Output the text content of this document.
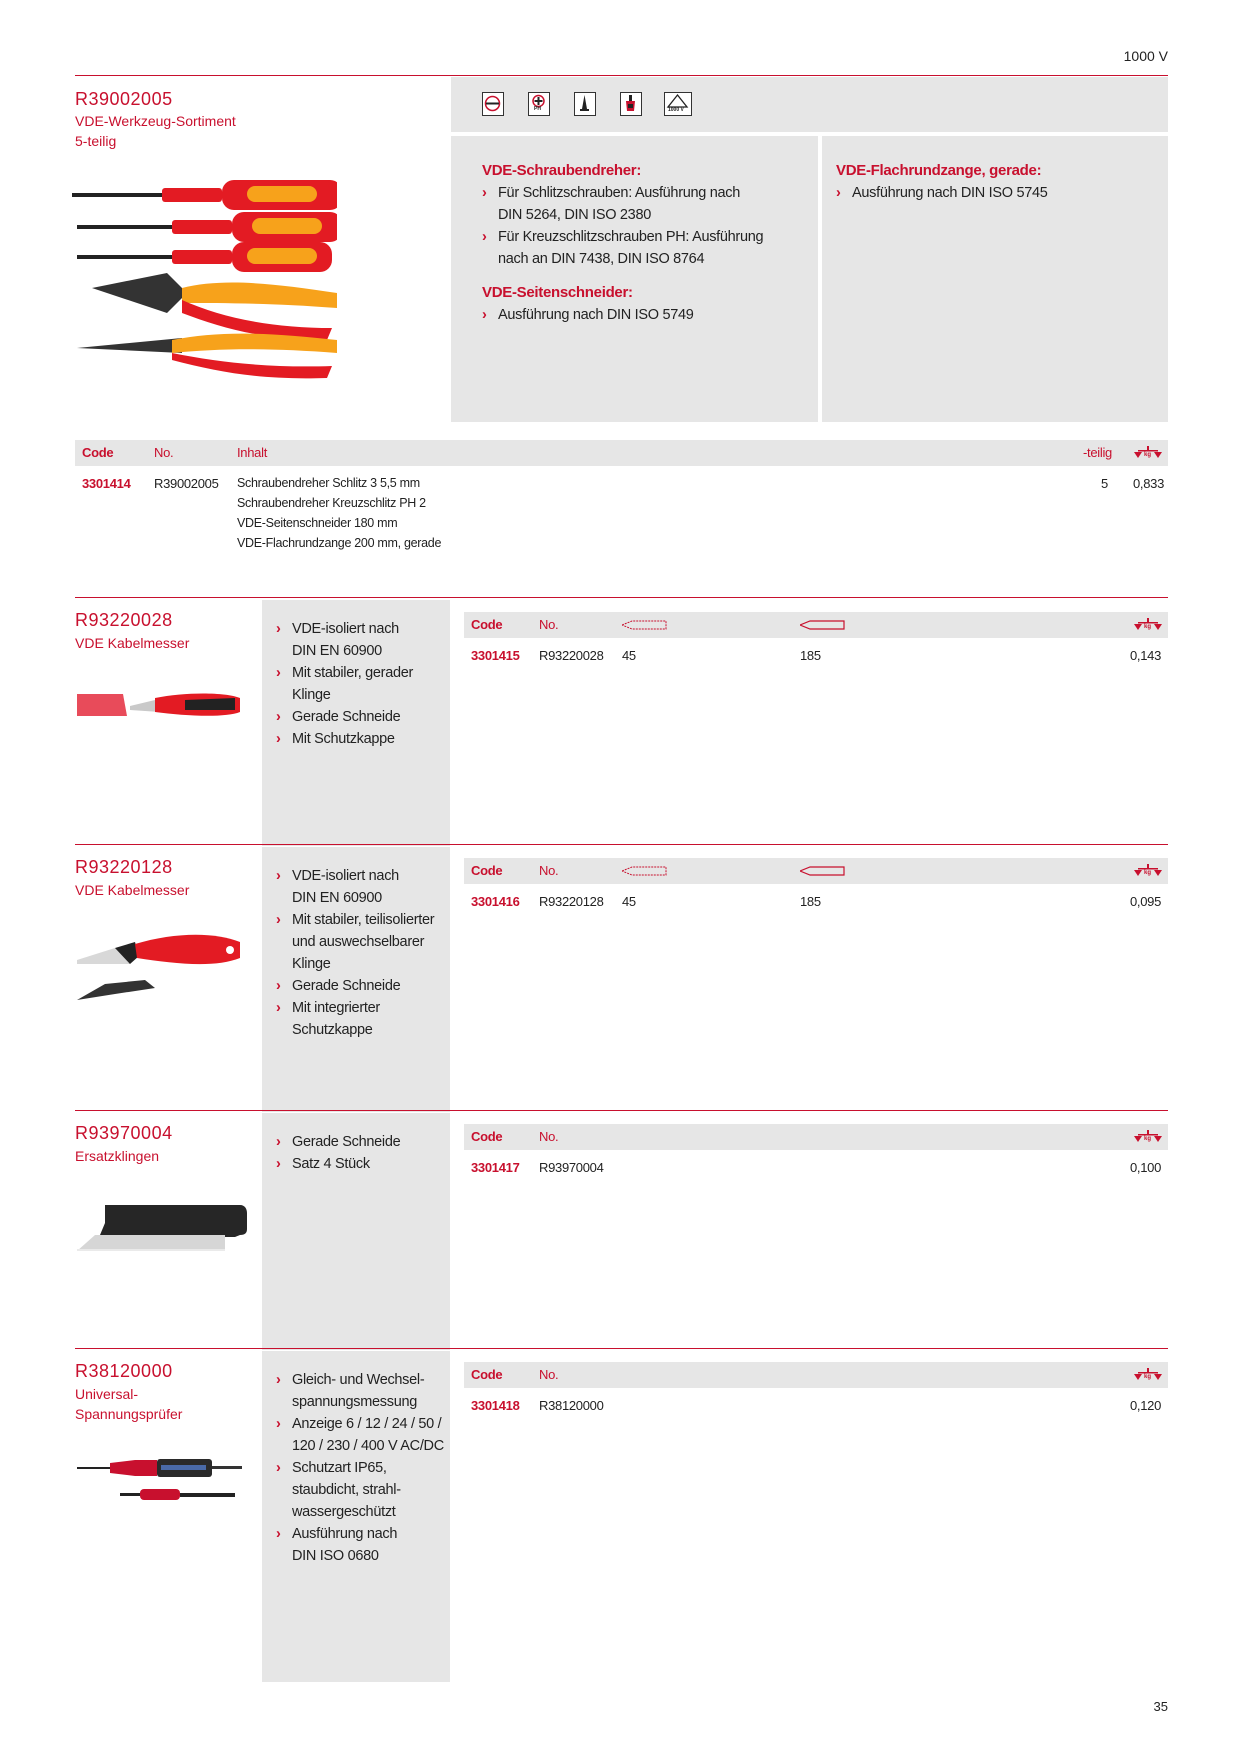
1000 V
R39002005
VDE-Werkzeug-Sortiment
5-teilig
PH	1000 V
VDE-Schraubendreher:
› Für Schlitzschrauben: Ausführung nach
DIN 5264, DIN ISO 2380
› Für Kreuzschlitzschrauben PH: Ausführung
nach an DIN 7438, DIN ISO 8764
VDE-Seitenschneider:
› Ausführung nach DIN ISO 5749
VDE-Flachrundzange, gerade:
› Ausführung nach DIN ISO 5745
Code	No.	Inhalt	-teilig	kg
3301414 R39002005 Schraubendreher Schlitz 3 5,5 mm
Schraubendreher Kreuzschlitz PH 2
VDE-Seitenschneider 180 mm
VDE-Flachrundzange 200 mm, gerade
5 0,833
R93220028
VDE Kabelmesser
› VDE-isoliert nach
DIN EN 60900
› Mit stabiler, gerader
Klinge
› Gerade Schneide
› Mit Schutzkappe
Code	No.	kg
3301415 R93220028 45	185	0,143
R93220128
VDE Kabelmesser
› VDE-isoliert nach
DIN EN 60900
› Mit stabiler, teilisolierter
und auswechselbarer
Klinge
› Gerade Schneide
› Mit integrierter
Schutzkappe
Code	No.	kg
3301416 R93220128 45	185	0,095
R93970004
Ersatzklingen
› Gerade Schneide
› Satz 4 Stück
Code	No.	kg
3301417 R93970004	0,100
R38120000
Universal-
Spannungsprüfer
› Gleich- und Wechsel-
spannungsmessung
› Anzeige 6 / 12 / 24 / 50 /
120 / 230 / 400 V AC/DC
› Schutzart IP65,
staubdicht, strahl-
wassergeschützt
› Ausführung nach
DIN ISO 0680
Code	No.	kg
3301418 R38120000	0,120
35
